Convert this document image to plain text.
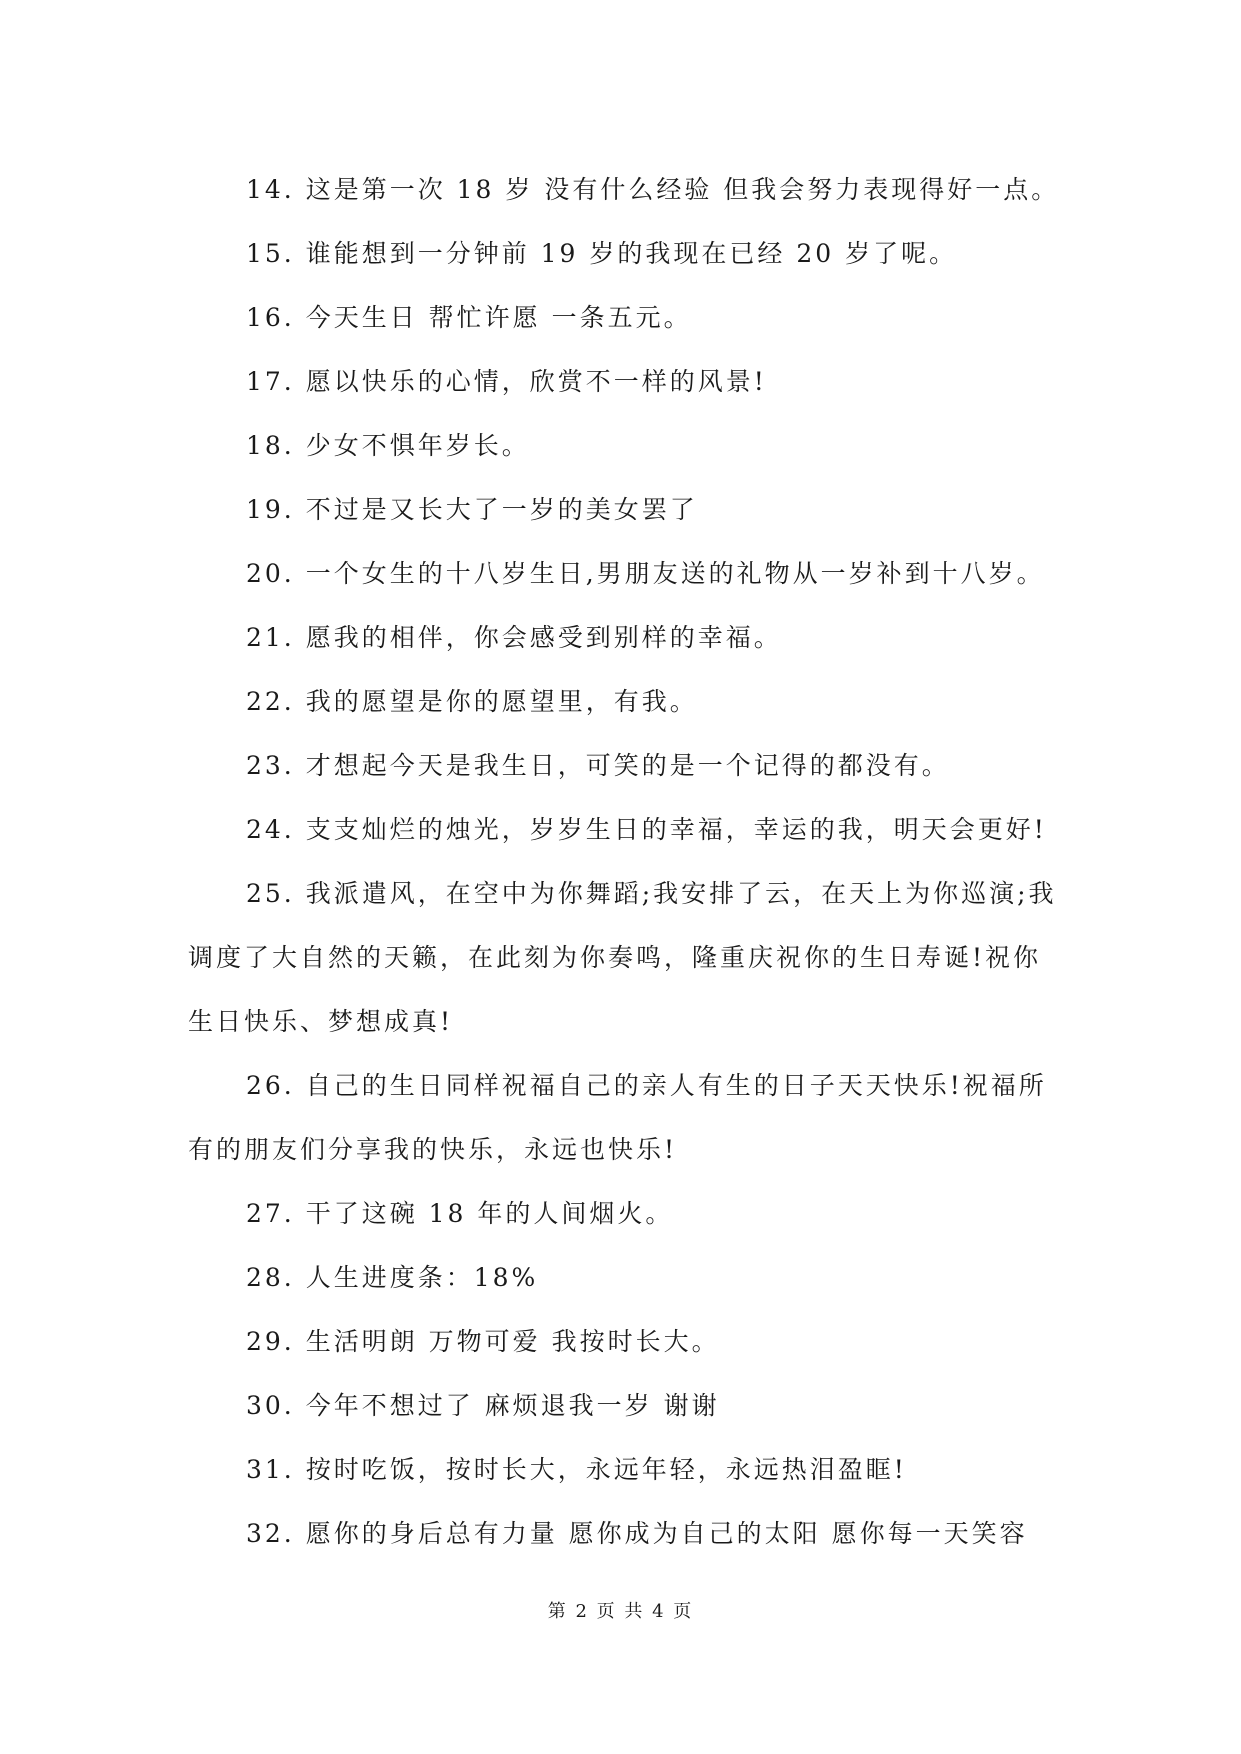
14. 这是第一次 18 岁 没有什么经验 但我会努力表现得好一点。

15. 谁能想到一分钟前 19 岁的我现在已经 20 岁了呢。

16. 今天生日 帮忙许愿 一条五元。

17. 愿以快乐的心情，欣赏不一样的风景!

18. 少女不惧年岁长。

19. 不过是又长大了一岁的美女罢了

20. 一个女生的十八岁生日,男朋友送的礼物从一岁补到十八岁。

21. 愿我的相伴，你会感受到别样的幸福。

22. 我的愿望是你的愿望里，有我。

23. 才想起今天是我生日，可笑的是一个记得的都没有。

24. 支支灿烂的烛光，岁岁生日的幸福，幸运的我，明天会更好!

25. 我派遣风，在空中为你舞蹈;我安排了云，在天上为你巡演;我调度了大自然的天籁，在此刻为你奏鸣，隆重庆祝你的生日寿诞!祝你生日快乐、梦想成真!

26. 自己的生日同样祝福自己的亲人有生的日子天天快乐!祝福所有的朋友们分享我的快乐，永远也快乐!

27. 干了这碗 18 年的人间烟火。

28. 人生进度条：18%

29. 生活明朗 万物可爱 我按时长大。

30. 今年不想过了 麻烦退我一岁 谢谢

31. 按时吃饭，按时长大，永远年轻，永远热泪盈眶!

32. 愿你的身后总有力量 愿你成为自己的太阳 愿你每一天笑容

第 2 页 共 4 页
